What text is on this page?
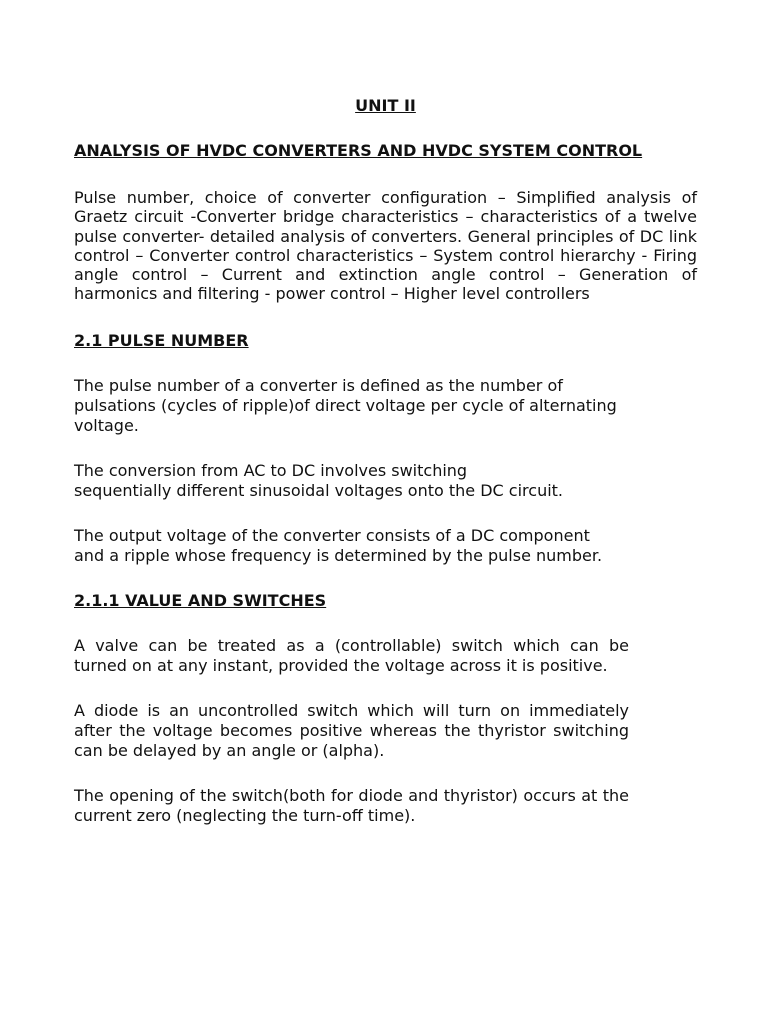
UNIT II
ANALYSIS OF HVDC CONVERTERS AND HVDC SYSTEM CONTROL

Pulse number, choice of converter configuration – Simplified analysis of Graetz circuit -Converter bridge characteristics – characteristics of a twelve pulse converter- detailed analysis of converters. General principles of DC link control – Converter control characteristics – System control hierarchy - Firing angle control – Current and extinction angle control – Generation of harmonics and filtering - power control – Higher level controllers

2.1 PULSE NUMBER

The pulse number of a converter is defined as the number of pulsations (cycles of ripple)of direct voltage per cycle of alternating voltage.

The conversion from AC to DC involves switching sequentially different sinusoidal voltages onto the DC circuit.

The output voltage of the converter consists of a DC component and a ripple whose frequency is determined by the pulse number.

2.1.1 VALUE AND SWITCHES

A valve can be treated as a (controllable) switch which can be turned on at any instant, provided the voltage across it is positive.

A diode is an uncontrolled switch which will turn on immediately after the voltage becomes positive whereas the thyristor switching can be delayed by an angle or (alpha).

The opening of the switch(both for diode and thyristor) occurs at the current zero (neglecting the turn-off time).
